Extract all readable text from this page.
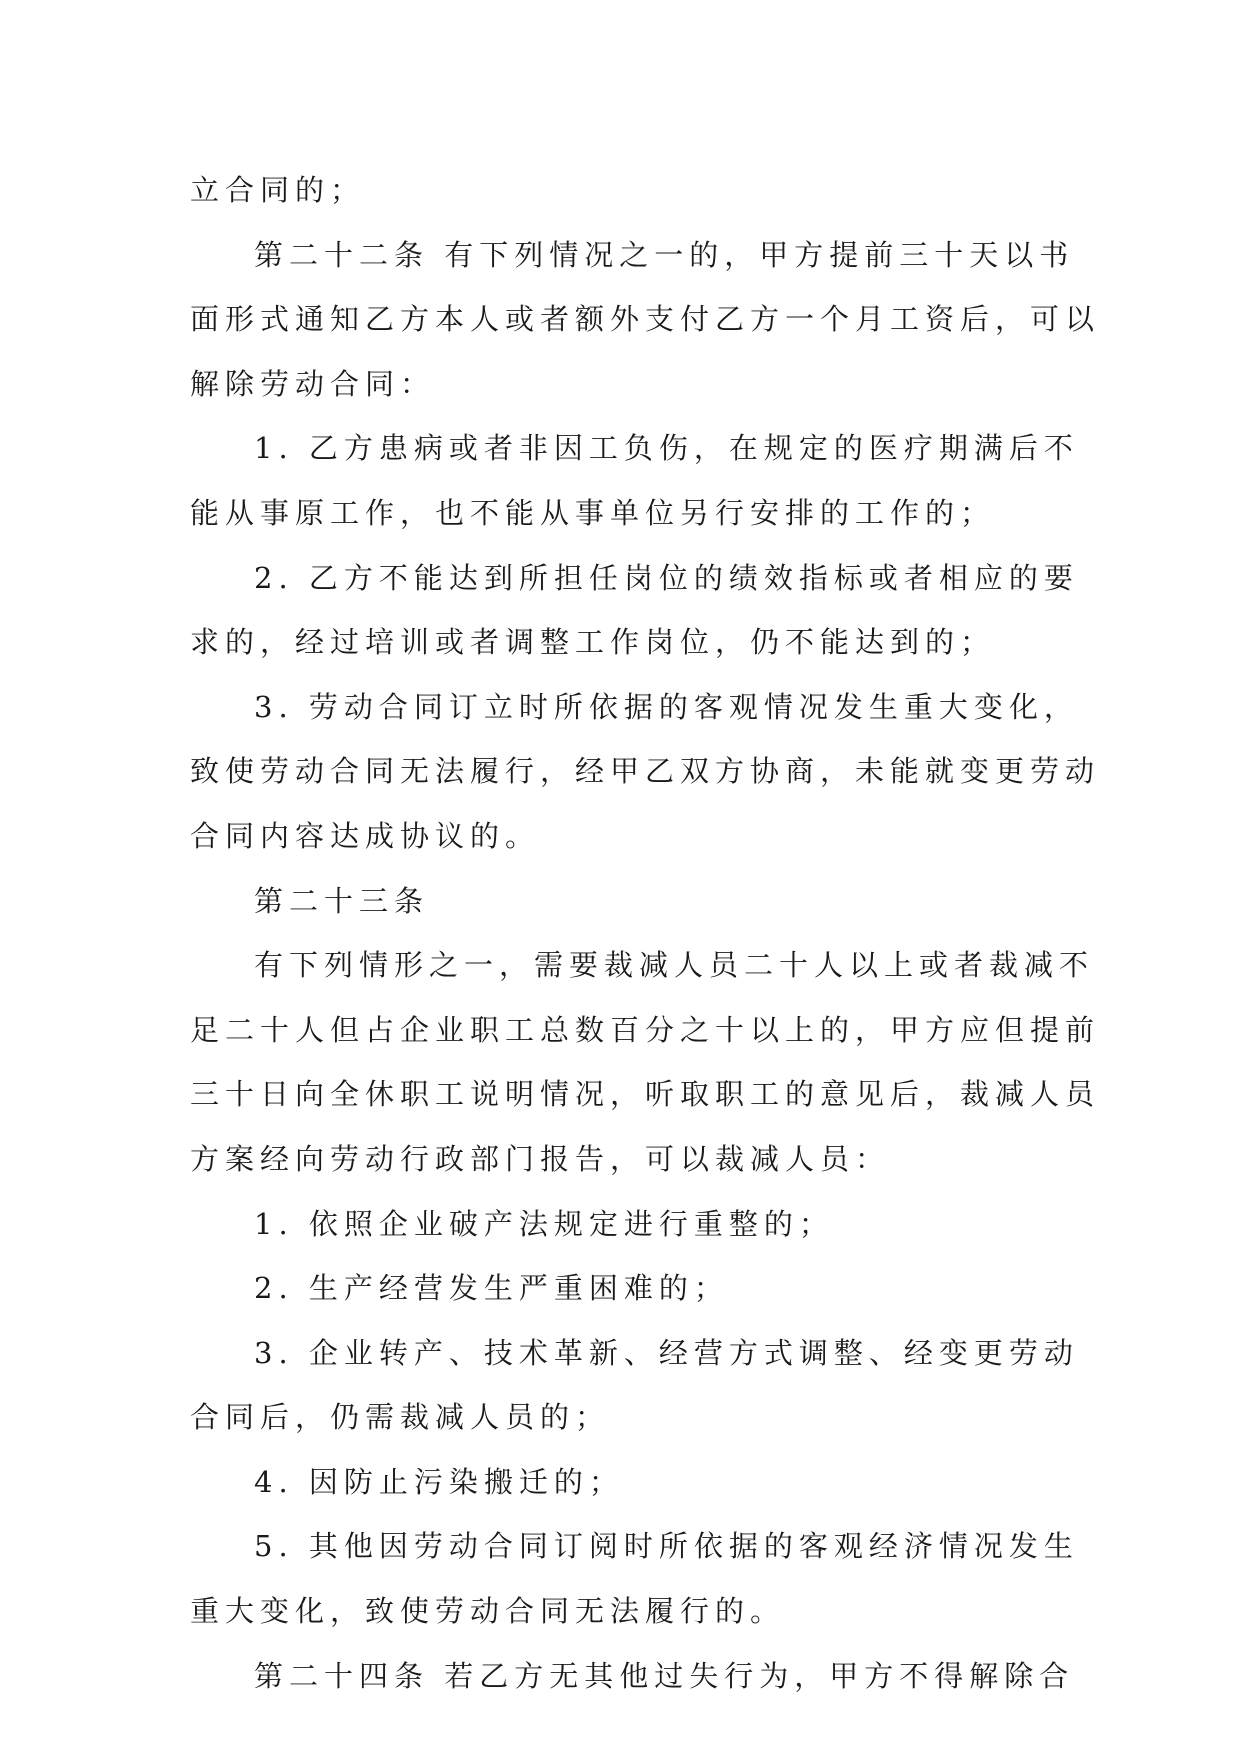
立合同的；

第二十二条 有下列情况之一的，甲方提前三十天以书

面形式通知乙方本人或者额外支付乙方一个月工资后，可以

解除劳动合同：

1. 乙方患病或者非因工负伤，在规定的医疗期满后不

能从事原工作，也不能从事单位另行安排的工作的；

2. 乙方不能达到所担任岗位的绩效指标或者相应的要

求的，经过培训或者调整工作岗位，仍不能达到的；

3. 劳动合同订立时所依据的客观情况发生重大变化，

致使劳动合同无法履行，经甲乙双方协商，未能就变更劳动

合同内容达成协议的。

第二十三条

有下列情形之一，需要裁减人员二十人以上或者裁减不

足二十人但占企业职工总数百分之十以上的，甲方应但提前

三十日向全休职工说明情况，听取职工的意见后，裁减人员

方案经向劳动行政部门报告，可以裁减人员：

1. 依照企业破产法规定进行重整的；

2. 生产经营发生严重困难的；

3. 企业转产、技术革新、经营方式调整、经变更劳动

合同后，仍需裁减人员的；

4. 因防止污染搬迁的；

5. 其他因劳动合同订阅时所依据的客观经济情况发生

重大变化，致使劳动合同无法履行的。

第二十四条 若乙方无其他过失行为，甲方不得解除合
